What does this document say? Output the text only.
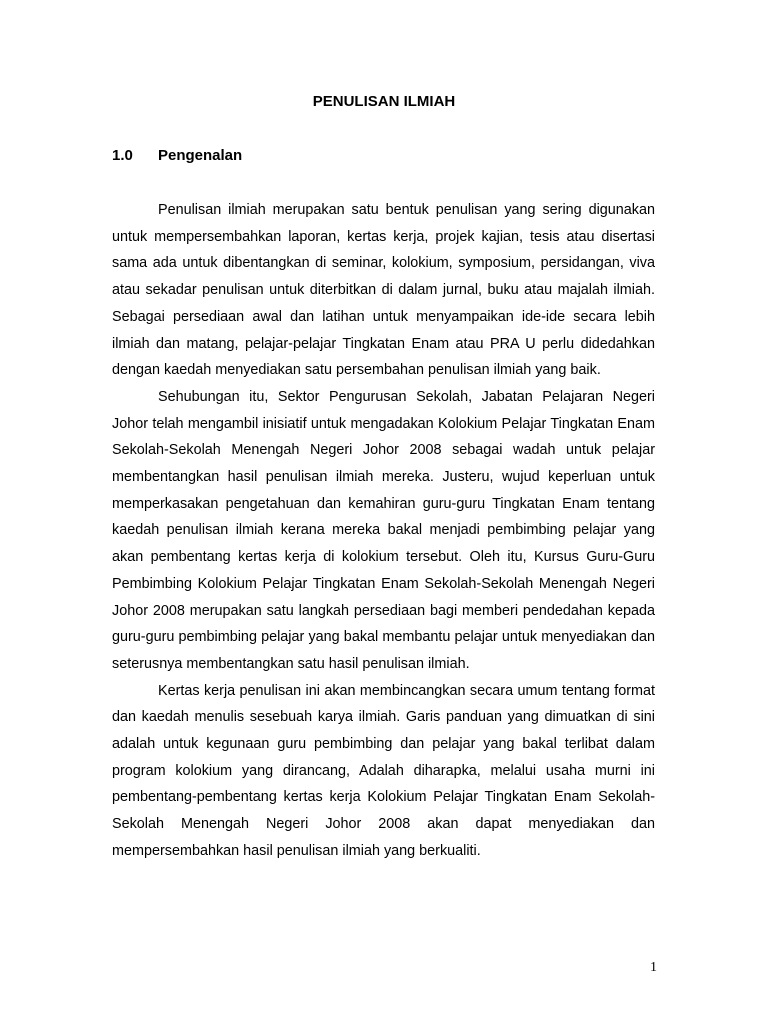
PENULISAN ILMIAH
1.0 Pengenalan

Penulisan ilmiah merupakan satu bentuk penulisan yang sering digunakan untuk mempersembahkan laporan, kertas kerja, projek kajian, tesis atau disertasi sama ada untuk dibentangkan di seminar, kolokium, symposium, persidangan, viva atau sekadar penulisan untuk diterbitkan di dalam jurnal, buku atau majalah ilmiah. Sebagai persediaan awal dan latihan untuk menyampaikan ide-ide secara lebih ilmiah dan matang, pelajar-pelajar Tingkatan Enam atau PRA U perlu didedahkan dengan kaedah menyediakan satu persembahan penulisan ilmiah yang baik.

Sehubungan itu, Sektor Pengurusan Sekolah, Jabatan Pelajaran Negeri Johor telah mengambil inisiatif untuk mengadakan Kolokium Pelajar Tingkatan Enam Sekolah-Sekolah Menengah Negeri Johor 2008 sebagai wadah untuk pelajar membentangkan hasil penulisan ilmiah mereka. Justeru, wujud keperluan untuk memperkasakan pengetahuan dan kemahiran guru-guru Tingkatan Enam tentang kaedah penulisan ilmiah kerana mereka bakal menjadi pembimbing pelajar yang akan pembentang kertas kerja di kolokium tersebut. Oleh itu, Kursus Guru-Guru Pembimbing Kolokium Pelajar Tingkatan Enam Sekolah-Sekolah Menengah Negeri Johor 2008 merupakan satu langkah persediaan bagi memberi pendedahan kepada guru-guru pembimbing pelajar yang bakal membantu pelajar untuk menyediakan dan seterusnya membentangkan satu hasil penulisan ilmiah.

Kertas kerja penulisan ini akan membincangkan secara umum tentang format dan kaedah menulis sesebuah karya ilmiah. Garis panduan yang dimuatkan di sini adalah untuk kegunaan guru pembimbing dan pelajar yang bakal terlibat dalam program kolokium yang dirancang, Adalah diharapka, melalui usaha murni ini pembentang-pembentang kertas kerja Kolokium Pelajar Tingkatan Enam Sekolah-Sekolah Menengah Negeri Johor 2008 akan dapat menyediakan dan mempersembahkan hasil penulisan ilmiah yang berkualiti.

1
